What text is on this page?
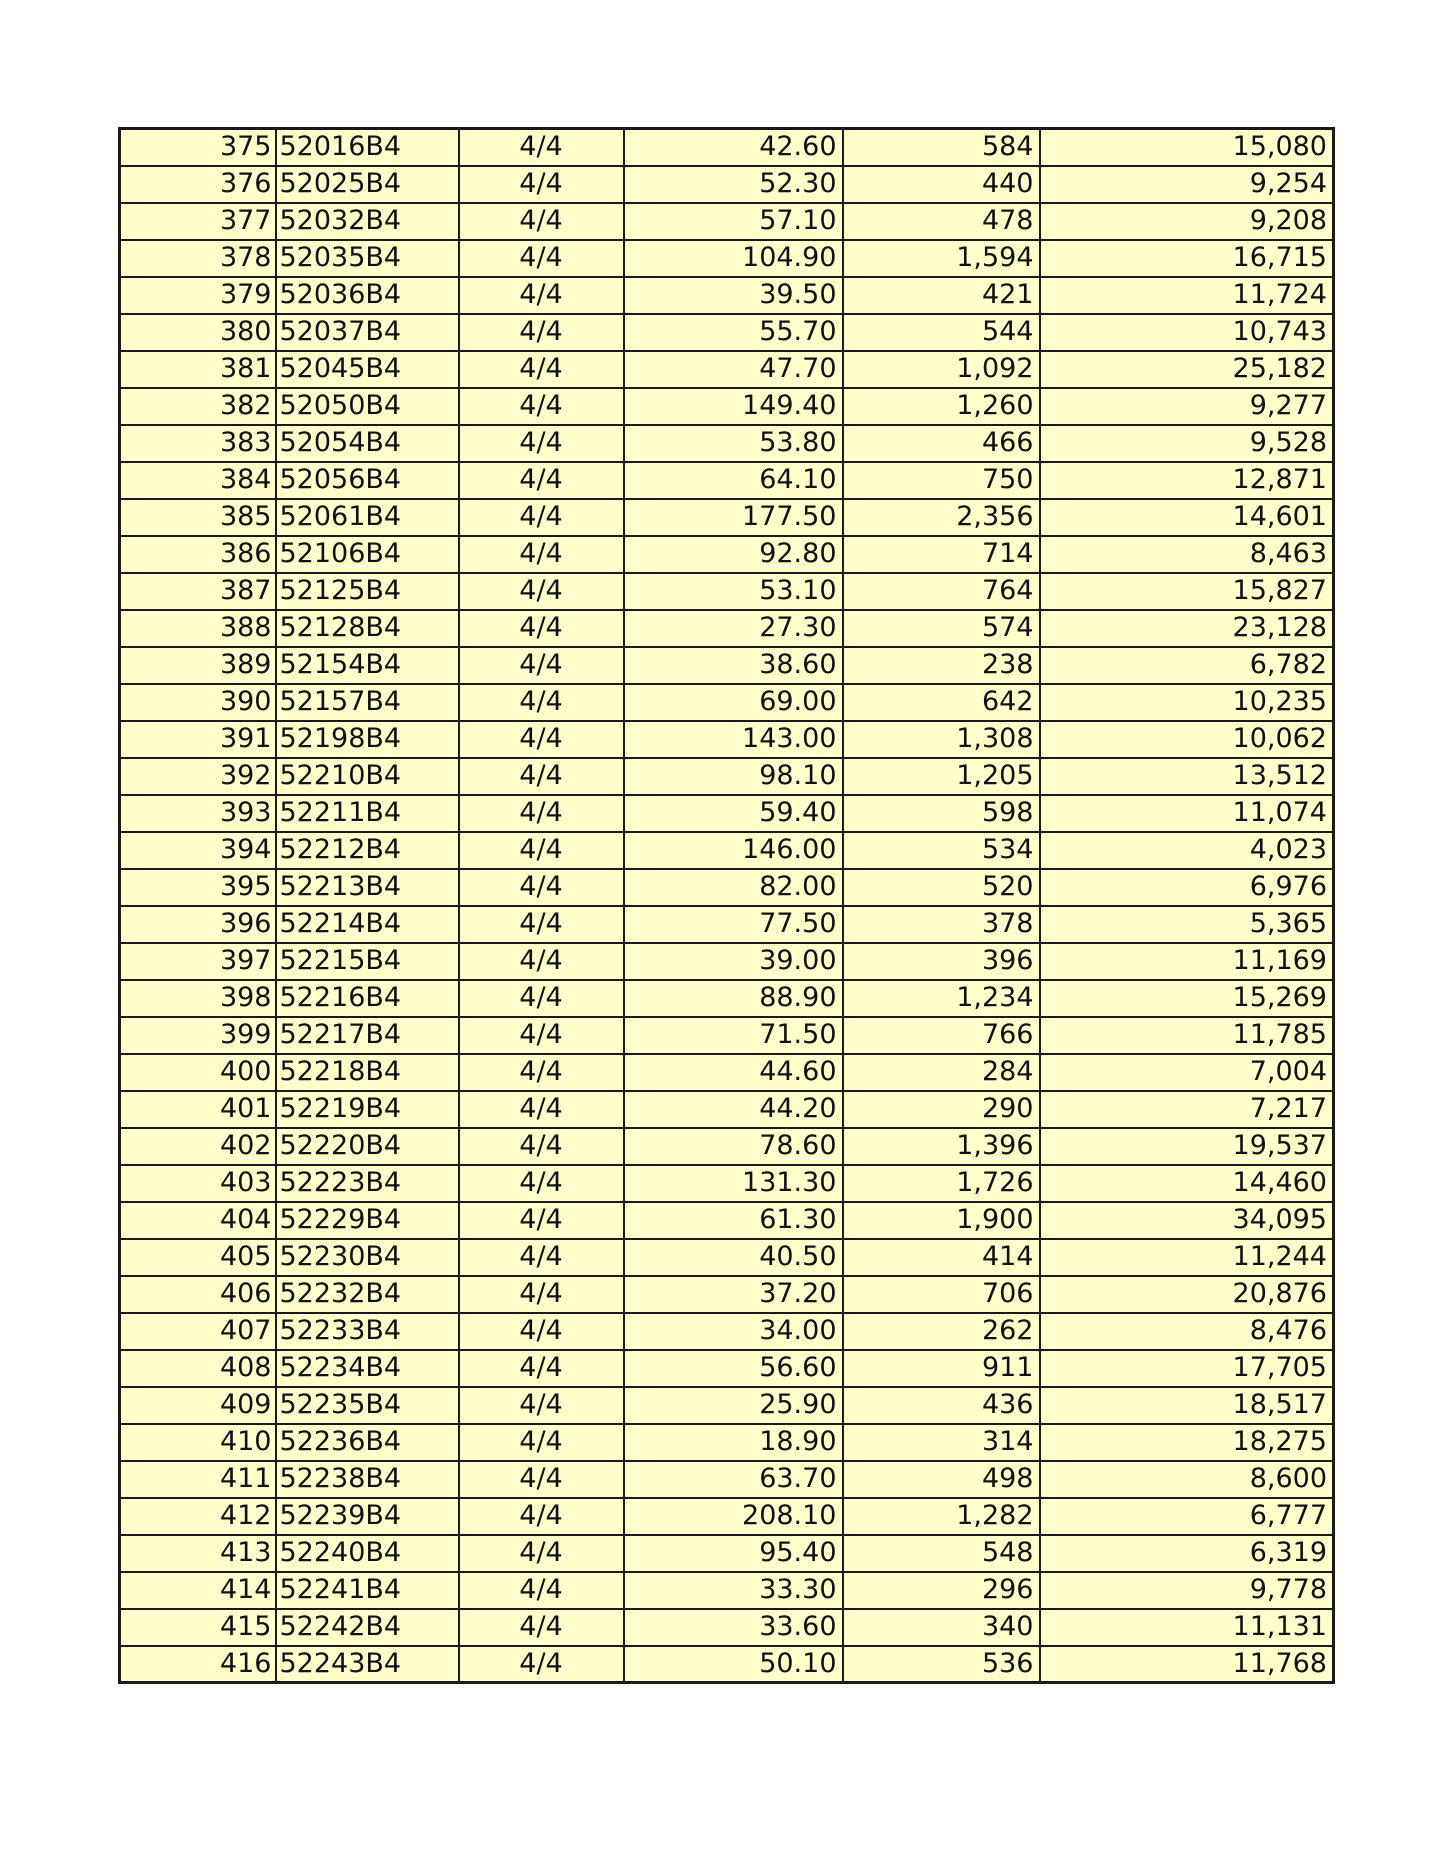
375	52016B4	4/4	42.60	584	15,080
376	52025B4	4/4	52.30	440	9,254
377	52032B4	4/4	57.10	478	9,208
378	52035B4	4/4	104.90	1,594	16,715
379	52036B4	4/4	39.50	421	11,724
380	52037B4	4/4	55.70	544	10,743
381	52045B4	4/4	47.70	1,092	25,182
382	52050B4	4/4	149.40	1,260	9,277
383	52054B4	4/4	53.80	466	9,528
384	52056B4	4/4	64.10	750	12,871
385	52061B4	4/4	177.50	2,356	14,601
386	52106B4	4/4	92.80	714	8,463
387	52125B4	4/4	53.10	764	15,827
388	52128B4	4/4	27.30	574	23,128
389	52154B4	4/4	38.60	238	6,782
390	52157B4	4/4	69.00	642	10,235
391	52198B4	4/4	143.00	1,308	10,062
392	52210B4	4/4	98.10	1,205	13,512
393	52211B4	4/4	59.40	598	11,074
394	52212B4	4/4	146.00	534	4,023
395	52213B4	4/4	82.00	520	6,976
396	52214B4	4/4	77.50	378	5,365
397	52215B4	4/4	39.00	396	11,169
398	52216B4	4/4	88.90	1,234	15,269
399	52217B4	4/4	71.50	766	11,785
400	52218B4	4/4	44.60	284	7,004
401	52219B4	4/4	44.20	290	7,217
402	52220B4	4/4	78.60	1,396	19,537
403	52223B4	4/4	131.30	1,726	14,460
404	52229B4	4/4	61.30	1,900	34,095
405	52230B4	4/4	40.50	414	11,244
406	52232B4	4/4	37.20	706	20,876
407	52233B4	4/4	34.00	262	8,476
408	52234B4	4/4	56.60	911	17,705
409	52235B4	4/4	25.90	436	18,517
410	52236B4	4/4	18.90	314	18,275
411	52238B4	4/4	63.70	498	8,600
412	52239B4	4/4	208.10	1,282	6,777
413	52240B4	4/4	95.40	548	6,319
414	52241B4	4/4	33.30	296	9,778
415	52242B4	4/4	33.60	340	11,131
416	52243B4	4/4	50.10	536	11,768
